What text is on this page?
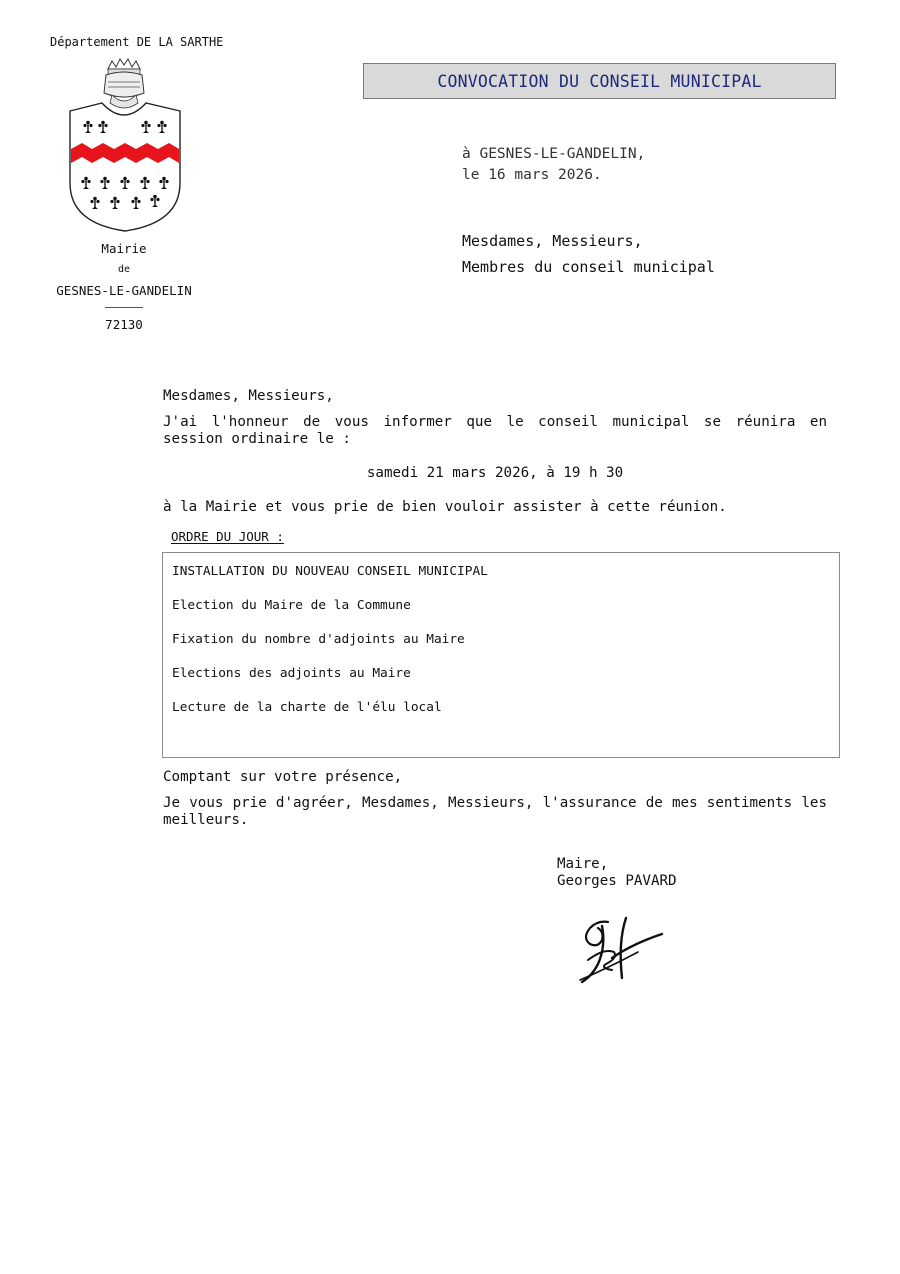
Département DE LA SARTHE
Mairie
de
GESNES-LE-GANDELIN
72130
CONVOCATION DU CONSEIL MUNICIPAL
à GESNES-LE-GANDELIN,
le 16 mars 2026.
Mesdames, Messieurs,
Membres du conseil municipal
Mesdames, Messieurs,
J'ai l'honneur de vous informer que le conseil municipal se réunira en session ordinaire le :
samedi 21 mars 2026, à 19 h 30
à la Mairie et vous prie de bien vouloir assister à cette réunion.
ORDRE DU JOUR :
INSTALLATION DU NOUVEAU CONSEIL MUNICIPAL
Election du Maire de la Commune
Fixation du nombre d'adjoints au Maire
Elections des adjoints au Maire
Lecture de la charte de l'élu local
Comptant sur votre présence,
Je vous prie d'agréer, Mesdames, Messieurs, l'assurance de mes sentiments les meilleurs.
Maire,
Georges PAVARD
